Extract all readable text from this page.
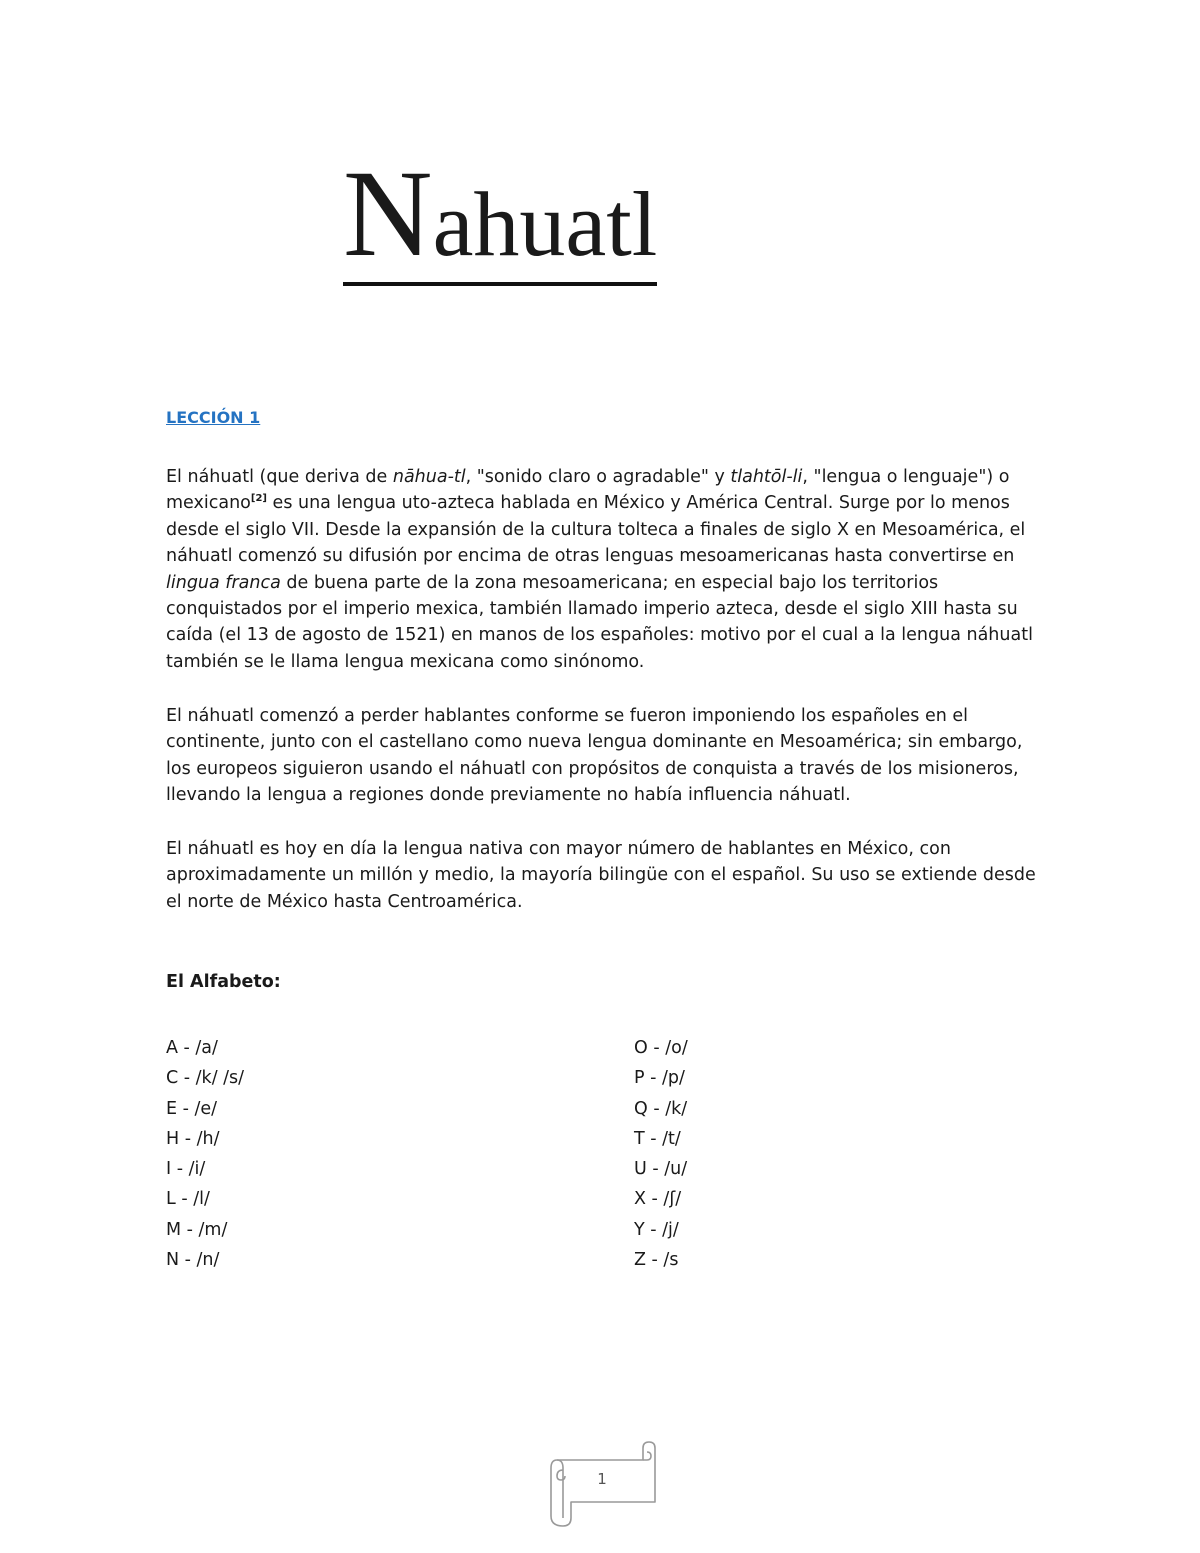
Nahuatl
LECCIÓN 1

El náhuatl (que deriva de nāhua-tl, "sonido claro o agradable" y tlahtōl-li, "lengua o lenguaje") o mexicano[2] es una lengua uto-azteca hablada en México y América Central. Surge por lo menos desde el siglo VII. Desde la expansión de la cultura tolteca a finales de siglo X en Mesoamérica, el náhuatl comenzó su difusión por encima de otras lenguas mesoamericanas hasta convertirse en lingua franca de buena parte de la zona mesoamericana; en especial bajo los territorios conquistados por el imperio mexica, también llamado imperio azteca, desde el siglo XIII hasta su caída (el 13 de agosto de 1521) en manos de los españoles: motivo por el cual a la lengua náhuatl también se le llama lengua mexicana como sinónomo.

El náhuatl comenzó a perder hablantes conforme se fueron imponiendo los españoles en el continente, junto con el castellano como nueva lengua dominante en Mesoamérica; sin embargo, los europeos siguieron usando el náhuatl con propósitos de conquista a través de los misioneros, llevando la lengua a regiones donde previamente no había influencia náhuatl.

El náhuatl es hoy en día la lengua nativa con mayor número de hablantes en México, con aproximadamente un millón y medio, la mayoría bilingüe con el español. Su uso se extiende desde el norte de México hasta Centroamérica.

El Alfabeto:
A - /a/
C - /k/ /s/
E - /e/
H - /h/
I - /i/
L - /l/
M - /m/
N - /n/
O - /o/
P - /p/
Q - /k/
T - /t/
U - /u/
X - /ʃ/
Y - /j/
Z - /s
1
